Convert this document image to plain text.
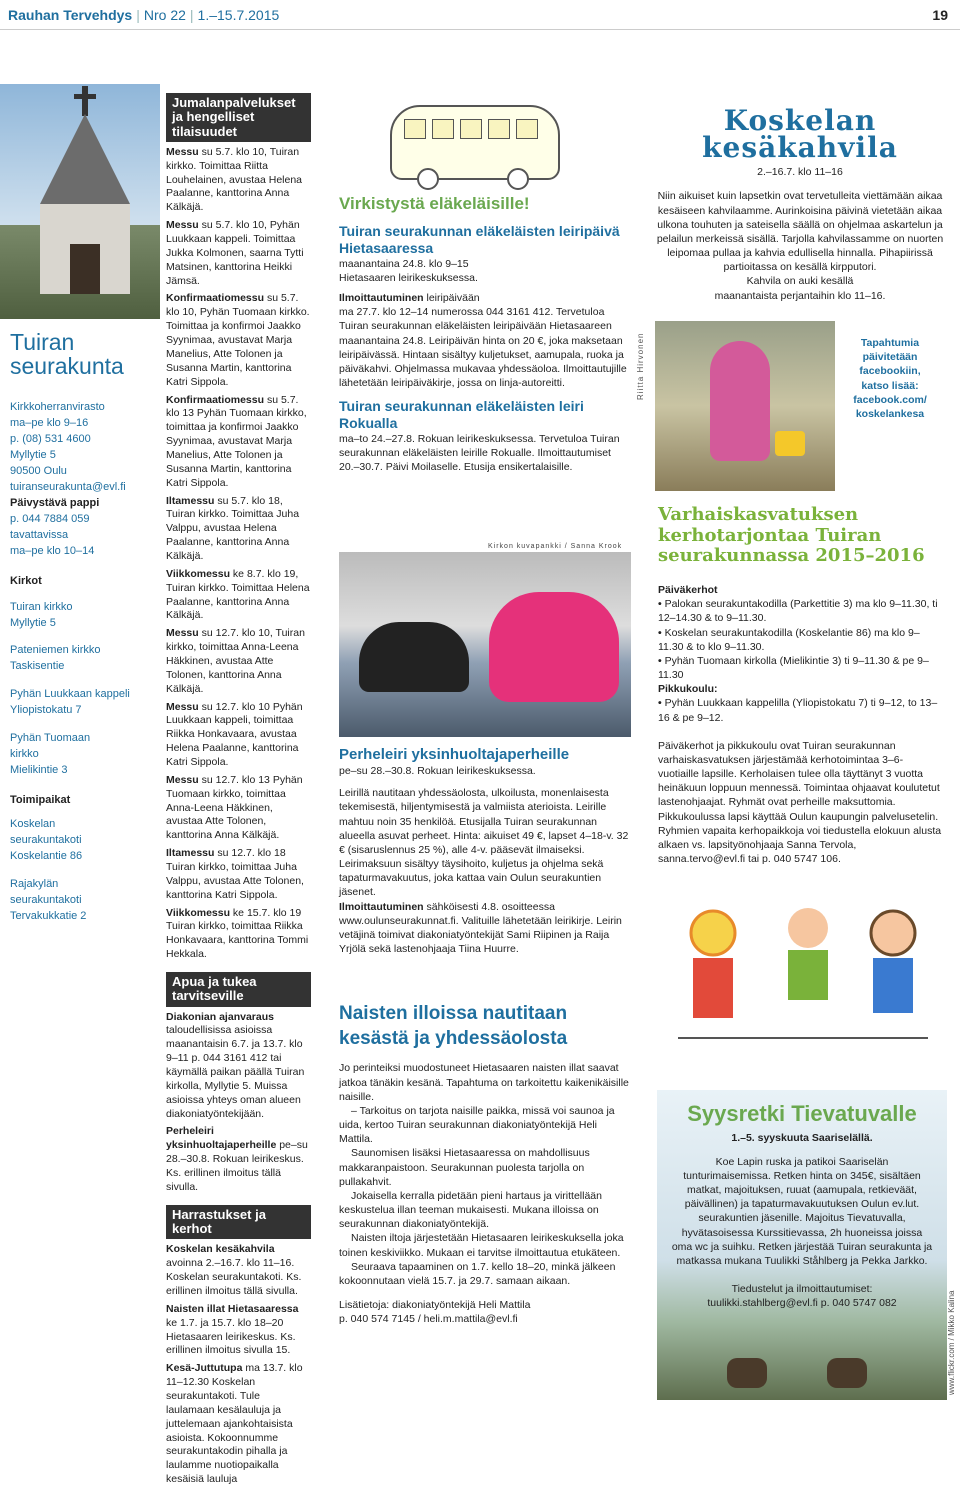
Rauhan Tervehdys | Nro 22 | 1.–15.7.2015	19
Tuiran seurakunta
Kirkkoherranvirasto
ma–pe klo 9–16
p. (08) 531 4600
Myllytie 5
90500 Oulu
tuiranseurakunta@evl.fi
Päivystävä pappi
p. 044 7884 059
tavattavissa
ma–pe klo 10–14
Kirkot
Tuiran kirkko
Myllytie 5
Pateniemen kirkko
Taskisentie
Pyhän Luukkaan kappeli
Yliopistokatu 7
Pyhän Tuomaan
kirkko
Mielikintie 3
Toimipaikat
Koskelan
seurakuntakoti
Koskelantie 86
Rajakylän
seurakuntakoti
Tervakukkatie 2
Jumalanpalvelukset ja hengelliset tilaisuudet

Messu su 5.7. klo 10, Tuiran kirkko. Toimittaa Riitta Louhelainen, avustaa Helena Paalanne, kanttorina Anna Kälkäjä.

Messu su 5.7. klo 10, Pyhän Luukkaan kappeli. Toimittaa Jukka Kolmonen, saarna Tytti Matsinen, kanttorina Heikki Jämsä.

Konfirmaatiomessu su 5.7. klo 10, Pyhän Tuomaan kirkko. Toimittaa ja konfirmoi Jaakko Syynimaa, avustavat Marja Manelius, Atte Tolonen ja Susanna Martin, kanttorina Katri Sippola.

Konfirmaatiomessu su 5.7. klo 13 Pyhän Tuomaan kirkko, toimittaa ja konfirmoi Jaakko Syynimaa, avustavat Marja Manelius, Atte Tolonen ja Susanna Martin, kanttorina Katri Sippola.

Iltamessu su 5.7. klo 18, Tuiran kirkko. Toimittaa Juha Valppu, avustaa Helena Paalanne, kanttorina Anna Kälkäjä.

Viikkomessu ke 8.7. klo 19, Tuiran kirkko. Toimittaa Helena Paalanne, kanttorina Anna Kälkäjä.

Messu su 12.7. klo 10, Tuiran kirkko, toimittaa Anna-Leena Häkkinen, avustaa Atte Tolonen, kanttorina Anna Kälkäjä.

Messu su 12.7. klo 10 Pyhän Luukkaan kappeli, toimittaa Riikka Honkavaara, avustaa Helena Paalanne, kanttorina Katri Sippola.

Messu su 12.7. klo 13 Pyhän Tuomaan kirkko, toimittaa Anna-Leena Häkkinen, avustaa Atte Tolonen, kanttorina Anna Kälkäjä.

Iltamessu su 12.7. klo 18 Tuiran kirkko, toimittaa Juha Valppu, avustaa Atte Tolonen, kanttorina Katri Sippola.

Viikkomessu ke 15.7. klo 19 Tuiran kirkko, toimittaa Riikka Honkavaara, kanttorina Tommi Hekkala.

Apua ja tukea tarvitseville

Diakonian ajanvaraus taloudellisissa asioissa maanantaisin 6.7. ja 13.7. klo 9–11 p. 044 3161 412 tai käymällä paikan päällä Tuiran kirkolla, Myllytie 5. Muissa asioissa yhteys oman alueen diakoniatyöntekijään.

Perheleiri yksinhuoltajaperheille pe–su 28.–30.8. Rokuan leirikeskus. Ks. erillinen ilmoitus tällä sivulla.

Harrastukset ja kerhot

Koskelan kesäkahvila avoinna 2.–16.7. klo 11–16. Koskelan seurakuntakoti. Ks. erillinen ilmoitus tällä sivulla.

Naisten illat Hietasaaressa ke 1.7. ja 15.7. klo 18–20 Hietasaaren leirikeskus. Ks. erillinen ilmoitus sivulla 15.

Kesä-Juttutupa ma 13.7. klo 11–12.30 Koskelan seurakuntakoti. Tule laulamaan kesälauluja ja juttelemaan ajankohtaisista asioista. Kokoonnumme seurakuntakodin pihalla ja laulamme nuotiopaikalla kesäisiä lauluja

Virkistystä eläkeläisille!
Tuiran seurakunnan eläkeläisten leiripäivä Hietasaaressa
maanantaina 24.8. klo 9–15
Hietasaaren leirikeskuksessa.
Ilmoittautuminen leiripäivään
ma 27.7. klo 12–14 numerossa 044 3161 412. Tervetuloa Tuiran seurakunnan eläkeläisten leiripäivään Hietasaareen maanantaina 24.8. Leiripäivän hinta on 20 €, joka maksetaan leiripäivässä. Hintaan sisältyy kuljetukset, aamupala, ruoka ja päiväkahvi. Ohjelmassa mukavaa yhdessäoloa. Ilmoittautujille lähetetään leiripäiväkirje, jossa on linja-autoreitti.
Tuiran seurakunnan eläkeläisten leiri Rokualla
ma–to 24.–27.8. Rokuan leirikeskuksessa. Tervetuloa Tuiran seurakunnan eläkeläisten leirille Rokualle. Ilmoittautumiset 20.–30.7. Päivi Moilaselle. Etusija ensikertalaisille.
Kirkon kuvapankki / Sanna Krook
Perheleiri yksinhuoltajaperheille
pe–su 28.–30.8. Rokuan leirikeskuksessa.
Leirillä nautitaan yhdessäolosta, ulkoilusta, monenlaisesta tekemisestä, hiljentymisestä ja valmiista aterioista. Leirille mahtuu noin 35 henkilöä. Etusijalla Tuiran seurakunnan alueella asuvat perheet. Hinta: aikuiset 49 €, lapset 4–18-v. 32 € (sisaruslennus 25 %), alle 4-v. pääsevät ilmaiseksi. Leirimaksuun sisältyy täysihoito, kuljetus ja ohjelma sekä tapaturmavakuutus, joka kattaa vain Oulun seurakuntien jäsenet.
Ilmoittautuminen sähköisesti 4.8. osoitteessa www.oulunseurakunnat.fi. Valituille lähetetään leirikirje. Leirin vetäjinä toimivat diakoniatyöntekijät Sami Riipinen ja Raija Yrjölä sekä lastenohjaaja Tiina Huurre.
Naisten illoissa nautitaan kesästä ja yhdessäolosta

Jo perinteiksi muodostuneet Hietasaaren naisten illat saavat jatkoa tänäkin kesänä. Tapahtuma on tarkoitettu kaikenikäisille naisille.

– Tarkoitus on tarjota naisille paikka, missä voi saunoa ja uida, kertoo Tuiran seurakunnan diakoniatyöntekijä Heli Mattila.

Saunomisen lisäksi Hietasaaressa on mahdollisuus makkaranpaistoon. Seurakunnan puolesta tarjolla on pullakahvit.

Jokaisella kerralla pidetään pieni hartaus ja virittellään keskustelua illan teeman mukaisesti. Mukana illoissa on seurakunnan diakoniatyöntekijä.

Naisten iltoja järjestetään Hietasaaren leirikeskuksella joka toinen keskiviikko. Mukaan ei tarvitse ilmoittautua etukäteen.

Seuraava tapaaminen on 1.7. kello 18–20, minkä jälkeen kokoonnutaan vielä 15.7. ja 29.7. samaan aikaan.

Lisätietoja: diakoniatyöntekijä Heli Mattila
p. 040 574 7145 / heli.m.mattila@evl.fi
Koskelan
kesäkahvila
2.–16.7. klo 11–16
Niin aikuiset kuin lapsetkin ovat tervetulleita viettämään aikaa kesäiseen kahvilaamme. Aurinkoisina päivinä vietetään aikaa ulkona touhuten ja sateisella säällä on ohjelmaa askartelun ja pelailun merkeissä sisällä. Tarjolla kahvilassamme on nuorten leipomaa pullaa ja kahvia edullisella hinnalla. Pihapiirissä partioitassa on kesällä kirpputori.
Kahvila on auki kesällä
maanantaista perjantaihin klo 11–16.
Riitta Hirvonen	Tapahtumia päivitetään facebookiin, katso lisää: facebook.com/ koskelankesa
Varhaiskasvatuksen kerhotarjontaa Tuiran seurakunnassa 2015–2016
Päiväkerhot
• Palokan seurakuntakodilla (Parkettitie 3) ma klo 9–11.30, ti 12–14.30 & to 9–11.30.
• Koskelan seurakuntakodilla (Koskelantie 86) ma klo 9–11.30 & to klo 9–11.30.
• Pyhän Tuomaan kirkolla (Mielikintie 3) ti 9–11.30 & pe 9–11.30
Pikkukoulu:
• Pyhän Luukkaan kappelilla (Yliopistokatu 7) ti 9–12, to 13–16 & pe 9–12.
Päiväkerhot ja pikkukoulu ovat Tuiran seurakunnan varhaiskasvatuksen järjestämää kerhotoimintaa 3–6-vuotiaille lapsille. Kerholaisen tulee olla täyttänyt 3 vuotta heinäkuun loppuun mennessä. Toimintaa ohjaavat koulutetut lastenohjaajat. Ryhmät ovat perheille maksuttomia. Pikkukoulussa lapsi käyttää Oulun kaupungin palvelusetelin. Ryhmien vapaita kerhopaikkoja voi tiedustella elokuun alusta alkaen vs. lapsityönohjaaja Sanna Tervola, sanna.tervo@evl.fi tai p. 040 5747 106.
Syysretki Tievatuvalle
1.–5. syyskuuta Saariselällä.
Koe Lapin ruska ja patikoi Saariselän tunturimaisemissa. Retken hinta on 345€, sisältäen matkat, majoituksen, ruuat (aamupala, retkieväät, päivällinen) ja tapaturmavakuutuksen Oulun ev.lut. seurakuntien jäsenille. Majoitus Tievatuvalla, hyvätasoisessa Kurssitievassa, 2h huoneissa joissa oma wc ja suihku. Retken järjestää Tuiran seurakunta ja matkassa mukana Tuulikki Ståhlberg ja Pekka Jarkko.
Tiedustelut ja ilmoittautumiset:
tuulikki.stahlberg@evl.fi p. 040 5747 082	www.flickr.com / Mikko Kalina
